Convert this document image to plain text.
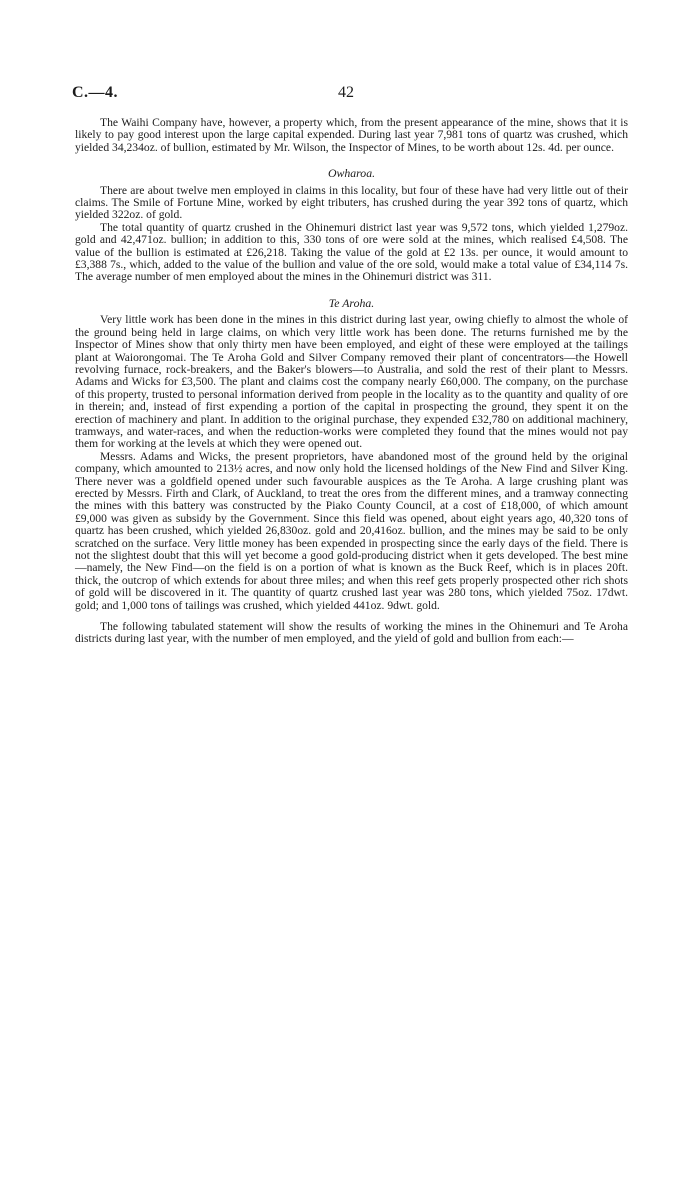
C.—4.	42

The Waihi Company have, however, a property which, from the present appearance of the mine, shows that it is likely to pay good interest upon the large capital expended. During last year 7,981 tons of quartz was crushed, which yielded 34,234oz. of bullion, estimated by Mr. Wilson, the Inspector of Mines, to be worth about 12s. 4d. per ounce.

Owharoa.

There are about twelve men employed in claims in this locality, but four of these have had very little out of their claims. The Smile of Fortune Mine, worked by eight tributers, has crushed during the year 392 tons of quartz, which yielded 322oz. of gold.

The total quantity of quartz crushed in the Ohinemuri district last year was 9,572 tons, which yielded 1,279oz. gold and 42,471oz. bullion; in addition to this, 330 tons of ore were sold at the mines, which realised £4,508. The value of the bullion is estimated at £26,218. Taking the value of the gold at £2 13s. per ounce, it would amount to £3,388 7s., which, added to the value of the bullion and value of the ore sold, would make a total value of £34,114 7s. The average number of men employed about the mines in the Ohinemuri district was 311.

Te Aroha.

Very little work has been done in the mines in this district during last year, owing chiefly to almost the whole of the ground being held in large claims, on which very little work has been done. The returns furnished me by the Inspector of Mines show that only thirty men have been employed, and eight of these were employed at the tailings plant at Waiorongomai. The Te Aroha Gold and Silver Company removed their plant of concentrators—the Howell revolving furnace, rock-breakers, and the Baker's blowers—to Australia, and sold the rest of their plant to Messrs. Adams and Wicks for £3,500. The plant and claims cost the company nearly £60,000. The company, on the purchase of this property, trusted to personal information derived from people in the locality as to the quantity and quality of ore in therein; and, instead of first expending a portion of the capital in prospecting the ground, they spent it on the erection of machinery and plant. In addition to the original purchase, they expended £32,780 on additional machinery, tramways, and water-races, and when the reduction-works were completed they found that the mines would not pay them for working at the levels at which they were opened out.

Messrs. Adams and Wicks, the present proprietors, have abandoned most of the ground held by the original company, which amounted to 213½ acres, and now only hold the licensed holdings of the New Find and Silver King. There never was a goldfield opened under such favourable auspices as the Te Aroha. A large crushing plant was erected by Messrs. Firth and Clark, of Auckland, to treat the ores from the different mines, and a tramway connecting the mines with this battery was constructed by the Piako County Council, at a cost of £18,000, of which amount £9,000 was given as subsidy by the Government. Since this field was opened, about eight years ago, 40,320 tons of quartz has been crushed, which yielded 26,830oz. gold and 20,416oz. bullion, and the mines may be said to be only scratched on the surface. Very little money has been expended in prospecting since the early days of the field. There is not the slightest doubt that this will yet become a good gold-producing district when it gets developed. The best mine—namely, the New Find—on the field is on a portion of what is known as the Buck Reef, which is in places 20ft. thick, the outcrop of which extends for about three miles; and when this reef gets properly prospected other rich shots of gold will be discovered in it. The quantity of quartz crushed last year was 280 tons, which yielded 75oz. 17dwt. gold; and 1,000 tons of tailings was crushed, which yielded 441oz. 9dwt. gold.

The following tabulated statement will show the results of working the mines in the Ohinemuri and Te Aroha districts during last year, with the number of men employed, and the yield of gold and bullion from each:—
